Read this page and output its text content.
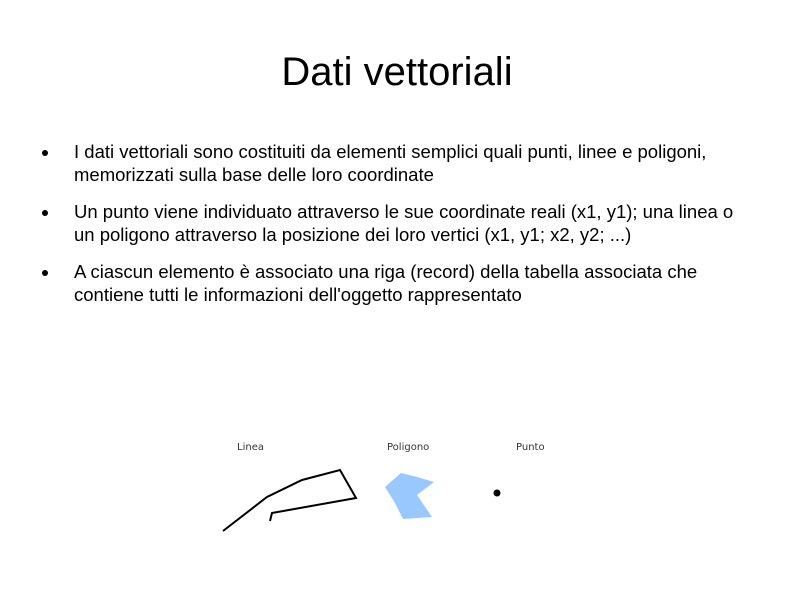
Dati vettoriali
I dati vettoriali sono costituiti da elementi semplici quali punti, linee e poligoni, memorizzati sulla base delle loro coordinate
Un punto viene individuato attraverso le sue coordinate reali (x1, y1); una linea o un poligono attraverso la posizione dei loro vertici (x1, y1; x2, y2; ...)
A ciascun elemento è associato una riga (record) della tabella associata che contiene tutti le informazioni dell'oggetto rappresentato
Linea	Poligono	Punto
